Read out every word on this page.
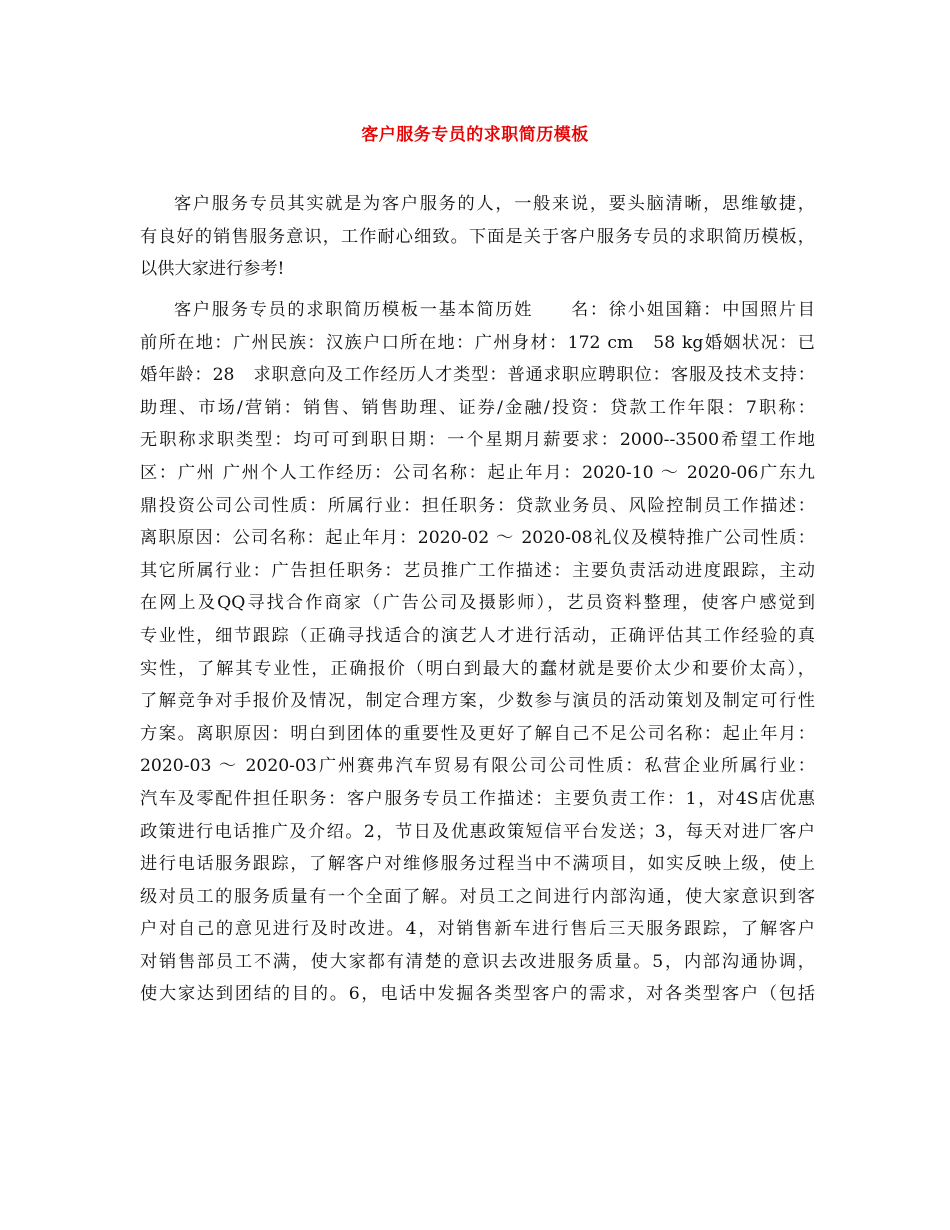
客户服务专员的求职简历模板
客户服务专员其实就是为客户服务的人，一般来说，要头脑清晰，思维敏捷，
有良好的销售服务意识，工作耐心细致。下面是关于客户服务专员的求职简历模板，
以供大家进行参考!
客户服务专员的求职简历模板一基本简历姓　　名：徐小姐国籍：中国照片目
前所在地：广州民族：汉族户口所在地：广州身材：172 cm　58 kg婚姻状况：已
婚年龄：28　求职意向及工作经历人才类型：普通求职应聘职位：客服及技术支持：
助理、市场/营销：销售、销售助理、证券/金融/投资：贷款工作年限：7职称：
无职称求职类型：均可可到职日期：一个星期月薪要求：2000--3500希望工作地
区：广州 广州个人工作经历：公司名称：起止年月：2020-10 ～ 2020-06广东九
鼎投资公司公司性质：所属行业：担任职务：贷款业务员、风险控制员工作描述：
离职原因：公司名称：起止年月：2020-02 ～ 2020-08礼仪及模特推广公司性质：
其它所属行业：广告担任职务：艺员推广工作描述：主要负责活动进度跟踪，主动
在网上及QQ寻找合作商家（广告公司及摄影师），艺员资料整理，使客户感觉到
专业性，细节跟踪（正确寻找适合的演艺人才进行活动，正确评估其工作经验的真
实性，了解其专业性，正确报价（明白到最大的蠢材就是要价太少和要价太高），
了解竞争对手报价及情况，制定合理方案，少数参与演员的活动策划及制定可行性
方案。离职原因：明白到团体的重要性及更好了解自己不足公司名称：起止年月：
2020-03 ～ 2020-03广州赛弗汽车贸易有限公司公司性质：私营企业所属行业：
汽车及零配件担任职务：客户服务专员工作描述：主要负责工作：1，对4S店优惠
政策进行电话推广及介绍。2，节日及优惠政策短信平台发送；3，每天对进厂客户
进行电话服务跟踪，了解客户对维修服务过程当中不满项目，如实反映上级，使上
级对员工的服务质量有一个全面了解。对员工之间进行内部沟通，使大家意识到客
户对自己的意见进行及时改进。4，对销售新车进行售后三天服务跟踪，了解客户
对销售部员工不满，使大家都有清楚的意识去改进服务质量。5，内部沟通协调，
使大家达到团结的目的。6，电话中发掘各类型客户的需求，对各类型客户（包括
